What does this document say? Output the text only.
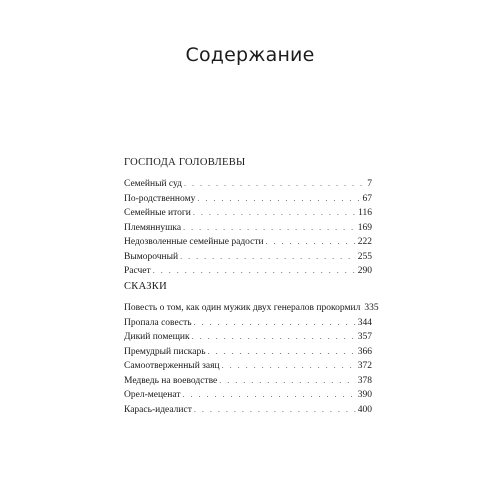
Содержание
ГОСПОДА ГОЛОВЛЕВЫ
Семейный суд . . .	7
По-родственному . . .	67
Семейные итоги . . .	116
Племяннушка . . .	169
Недозволенные семейные радости . . .	222
Выморочный . . .	255
Расчет . . .	290
СКАЗКИ
Повесть о том, как один мужик двух генералов прокормил 335
Пропала совесть . . .	344
Дикий помещик . . .	357
Премудрый пискарь . . .	366
Самоотверженный заяц . . .	372
Медведь на воеводстве . . .	378
Орел-меценат . . .	390
Карась-идеалист . . .	400
